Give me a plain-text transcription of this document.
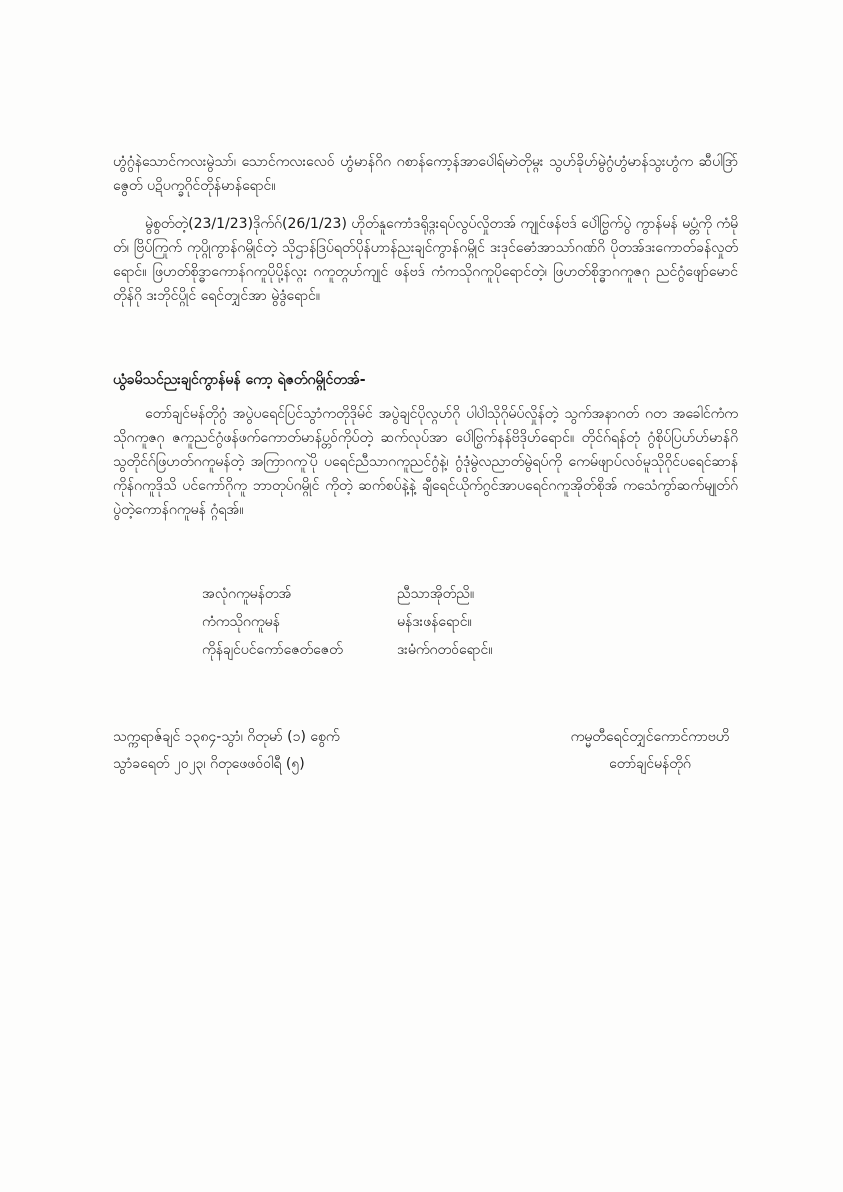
ဟွံဂွံနဲသောင်ကလးမွဲသာ်၊ သောင်ကလးလေဝ် ဟွံမာန်ဂိဂ ဂစာန်ကော့န်အာပေါဲရ်မာဲတိုမ္ဂး သွဟ်ခိုဟ်မွဲဂွံဟွံမာန်သွးဟွံက ဆီပါဒြာ်ဇွေတ် ပဍိပက္ခဂိုင်တိုန်မာန်ရောင်။

မွဲစွတ်တဲ့(23/1/23)ဒိုက်ဂ်(26/1/23) ဟိုတ်နူကောံဒရိုဒ္ဂးရပ်လွပ်လှိုတအ် ကျုင်ဖန်ဗဒ် ပေါဲဗြွက်ပွဲ ကွာန်မန် မပ္တံကို ကံမိုတ်၊ ဗြိပ်ကြုက် ကုပ္ဂိုကွာန်ဂမ္ဂိုင်တဲ့ သိုဌာန်ဒြပ်ရတ်ပိုန်ဟာန်ညးချင်ကွာန်ဂမ္ဂိုင် ဒးဒုင်ဓောံအာသာ်ဂဏ်ဂိ ပိုတအ်ဒးကောတ်ခန်လှုတ်ရောင်။ ဖြဟတ်စိုဒ္ဓာကောန်ဂကူပိုပို့န်လ္ဂး ဂကူတ္ဂဟ်ကျုင် ဖန်ဗဒ် ကံကသိုဂကူပိုရောင်တဲ့၊ ဖြဟတ်စိုဒ္ဓာဂကူဇဂု ညင်ဂွံဖျော်မောင်တိုန်ဂို ဒးဘိုင်ပ္ဂိုင် ရေင်တျှင်အာ မွဲဒွံရောင်။

ယွံခမိသင်ညးချင်ကွာန်မန် ကော့ ရဲဇတ်ဂမ္ဂိုင်တအ်-

တော်ချင်မန်တိုဂွံ အပွဲပရေင်ပြင်သွာံကတိုဒိုမ်င် အပွဲချင်ပိုလ္ဂဟ်ဂို ပါပါဲသိုဂိုမ်ပ်လှိုန်တဲ့ သွက်အနာဂတ် ဂတ အခေါင်ကံကသိုဂကူဇဂု ဇကူညင်ဂွံဖန်ဖက်ကောတ်မာန်ပ္တဝ်ကိုပ်တဲ့ ဆက်လုပ်အာ ပေါဲဗြွက်နန်ဗိဒိုဟ်ရောင်။ တိုင်ဂ်ရန်တုံ ဂွံစိုပ်ပြဟ်ဟ်မာန်ဂိ သွတိုင်ဂ်ဖြဟတ်ဂကူမန်တဲ့ အကြာဂကူပိုဲ ပရေင်ညီသာဂကူညင်ဂွံနဲ့၊ ဂွံဒုံမွဲလညာတ်မွဲရပ်ကို ကေမ်ဖျာပ်လဝ်မူသိုဂိုင်ပရေင်ဆာန်ကိုန်ဂကူဒိုသိ ပင်ကော်ဂိုကူ ဘာတုပ်ဂမ္ဂိုင် ကိုတဲ့ ဆက်စပ်နဲ့နဲ့ ချီရေင်ယိုက်ဂွင်အာပရေင်ဂကူအိုတ်စိုအ် ကသေံကွာ်ဆက်မျုတ်ဂ် ပွဲတဲ့ကောန်ဂကူမန် ဂ္ဂံရအ်။

အလုံဂကူမန်တအ်	ညီသာအိုတ်ညိ။
ကံကသိုဂကူမန်	မန်ဒးဖန်ရောင်။
ကိုန်ချင်ပင်ကော်ဇေတ်ဇေတ်	ဒးမံက်ဂတဝ်ရောင်။
သက္ကရာဇ်ချင် ၁၃၈၄-သွာံ၊ ဂိတုမာ် (၁) စွေက်
သွာံခရေတ် ၂၀၂၃၊ ဂိတုဖေဖဝ်ဝါရီ (၅)
ကမ္မတီရေင်တျှင်ကောင်ကာဗဟိ
တော်ချင်မန်တိုဂ်
